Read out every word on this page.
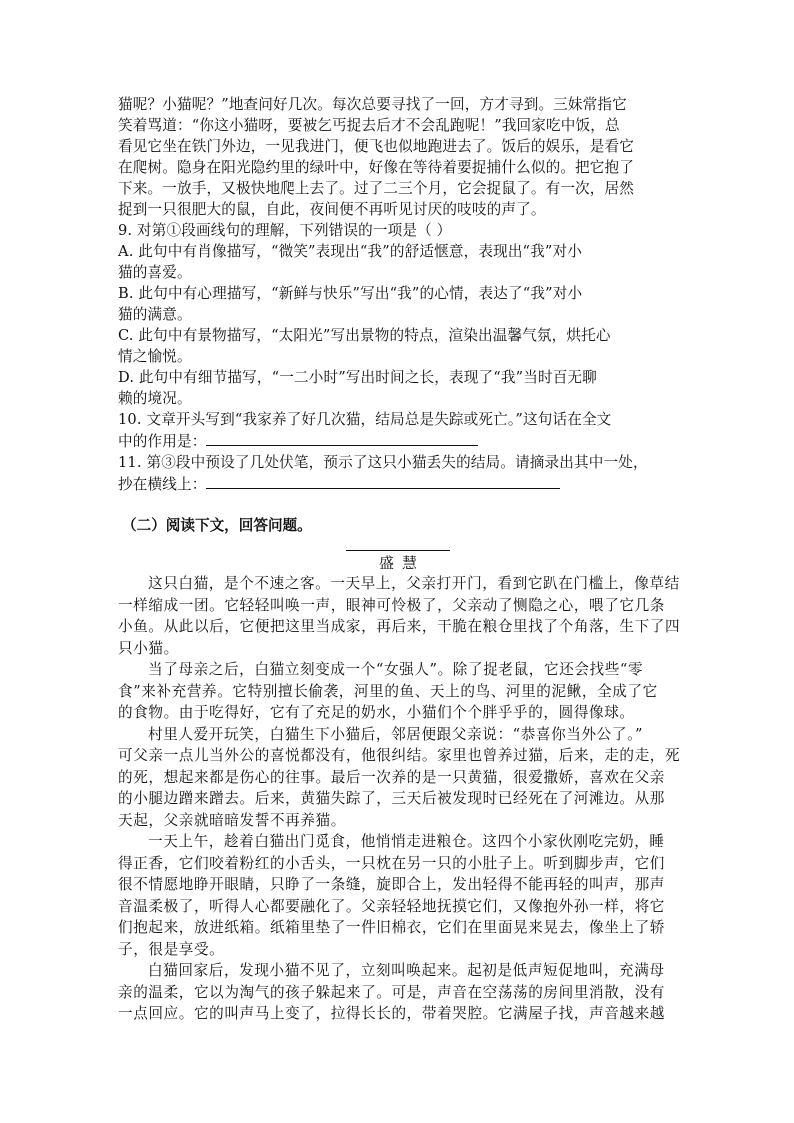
猫呢？小猫呢？”地查问好几次。每次总要寻找了一回，方才寻到。三妹常指它
笑着骂道：“你这小猫呀，要被乞丐捉去后才不会乱跑呢！”我回家吃中饭，总
看见它坐在铁门外边，一见我进门，便飞也似地跑进去了。饭后的娱乐，是看它
在爬树。隐身在阳光隐约里的绿叶中，好像在等待着要捉捕什么似的。把它抱了
下来。一放手，又极快地爬上去了。过了二三个月，它会捉鼠了。有一次，居然
捉到一只很肥大的鼠，自此，夜间便不再听见讨厌的吱吱的声了。
9. 对第①段画线句的理解，下列错误的一项是（ ）
A. 此句中有肖像描写，“微笑”表现出“我”的舒适惬意，表现出“我”对小
猫的喜爱。
B. 此句中有心理描写，“新鲜与快乐”写出“我”的心情，表达了“我”对小
猫的满意。
C. 此句中有景物描写，“太阳光”写出景物的特点，渲染出温馨气氛，烘托心
情之愉悦。
D. 此句中有细节描写，“一二小时”写出时间之长，表现了“我”当时百无聊
赖的境况。
10. 文章开头写到“我家养了好几次猫，结局总是失踪或死亡。”这句话在全文
中的作用是：
11. 第③段中预设了几处伏笔，预示了这只小猫丢失的结局。请摘录出其中一处，
抄在横线上：
（二）阅读下文，回答问题。
盛慧
这只白猫，是个不速之客。一天早上，父亲打开门，看到它趴在门槛上，像草结
一样缩成一团。它轻轻叫唤一声，眼神可怜极了，父亲动了恻隐之心，喂了它几条
小鱼。从此以后，它便把这里当成家，再后来，干脆在粮仓里找了个角落，生下了四
只小猫。
当了母亲之后，白猫立刻变成一个“女强人”。除了捉老鼠，它还会找些“零
食”来补充营养。它特别擅长偷袭，河里的鱼、天上的鸟、河里的泥鳅，全成了它
的食物。由于吃得好，它有了充足的奶水，小猫们个个胖乎乎的，圆得像球。
村里人爱开玩笑，白猫生下小猫后，邻居便跟父亲说：“恭喜你当外公了。”
可父亲一点儿当外公的喜悦都没有，他很纠结。家里也曾养过猫，后来，走的走，死
的死，想起来都是伤心的往事。最后一次养的是一只黄猫，很爱撒娇，喜欢在父亲
的小腿边蹭来蹭去。后来，黄猫失踪了，三天后被发现时已经死在了河滩边。从那
天起，父亲就暗暗发誓不再养猫。
一天上午，趁着白猫出门觅食，他悄悄走进粮仓。这四个小家伙刚吃完奶，睡
得正香，它们咬着粉红的小舌头，一只枕在另一只的小肚子上。听到脚步声，它们
很不情愿地睁开眼睛，只睁了一条缝，旋即合上，发出轻得不能再轻的叫声，那声
音温柔极了，听得人心都要融化了。父亲轻轻地抚摸它们，又像抱外孙一样，将它
们抱起来，放进纸箱。纸箱里垫了一件旧棉衣，它们在里面晃来晃去，像坐上了轿
子，很是享受。
白猫回家后，发现小猫不见了，立刻叫唤起来。起初是低声短促地叫，充满母
亲的温柔，它以为淘气的孩子躲起来了。可是，声音在空荡荡的房间里消散，没有
一点回应。它的叫声马上变了，拉得长长的，带着哭腔。它满屋子找，声音越来越
